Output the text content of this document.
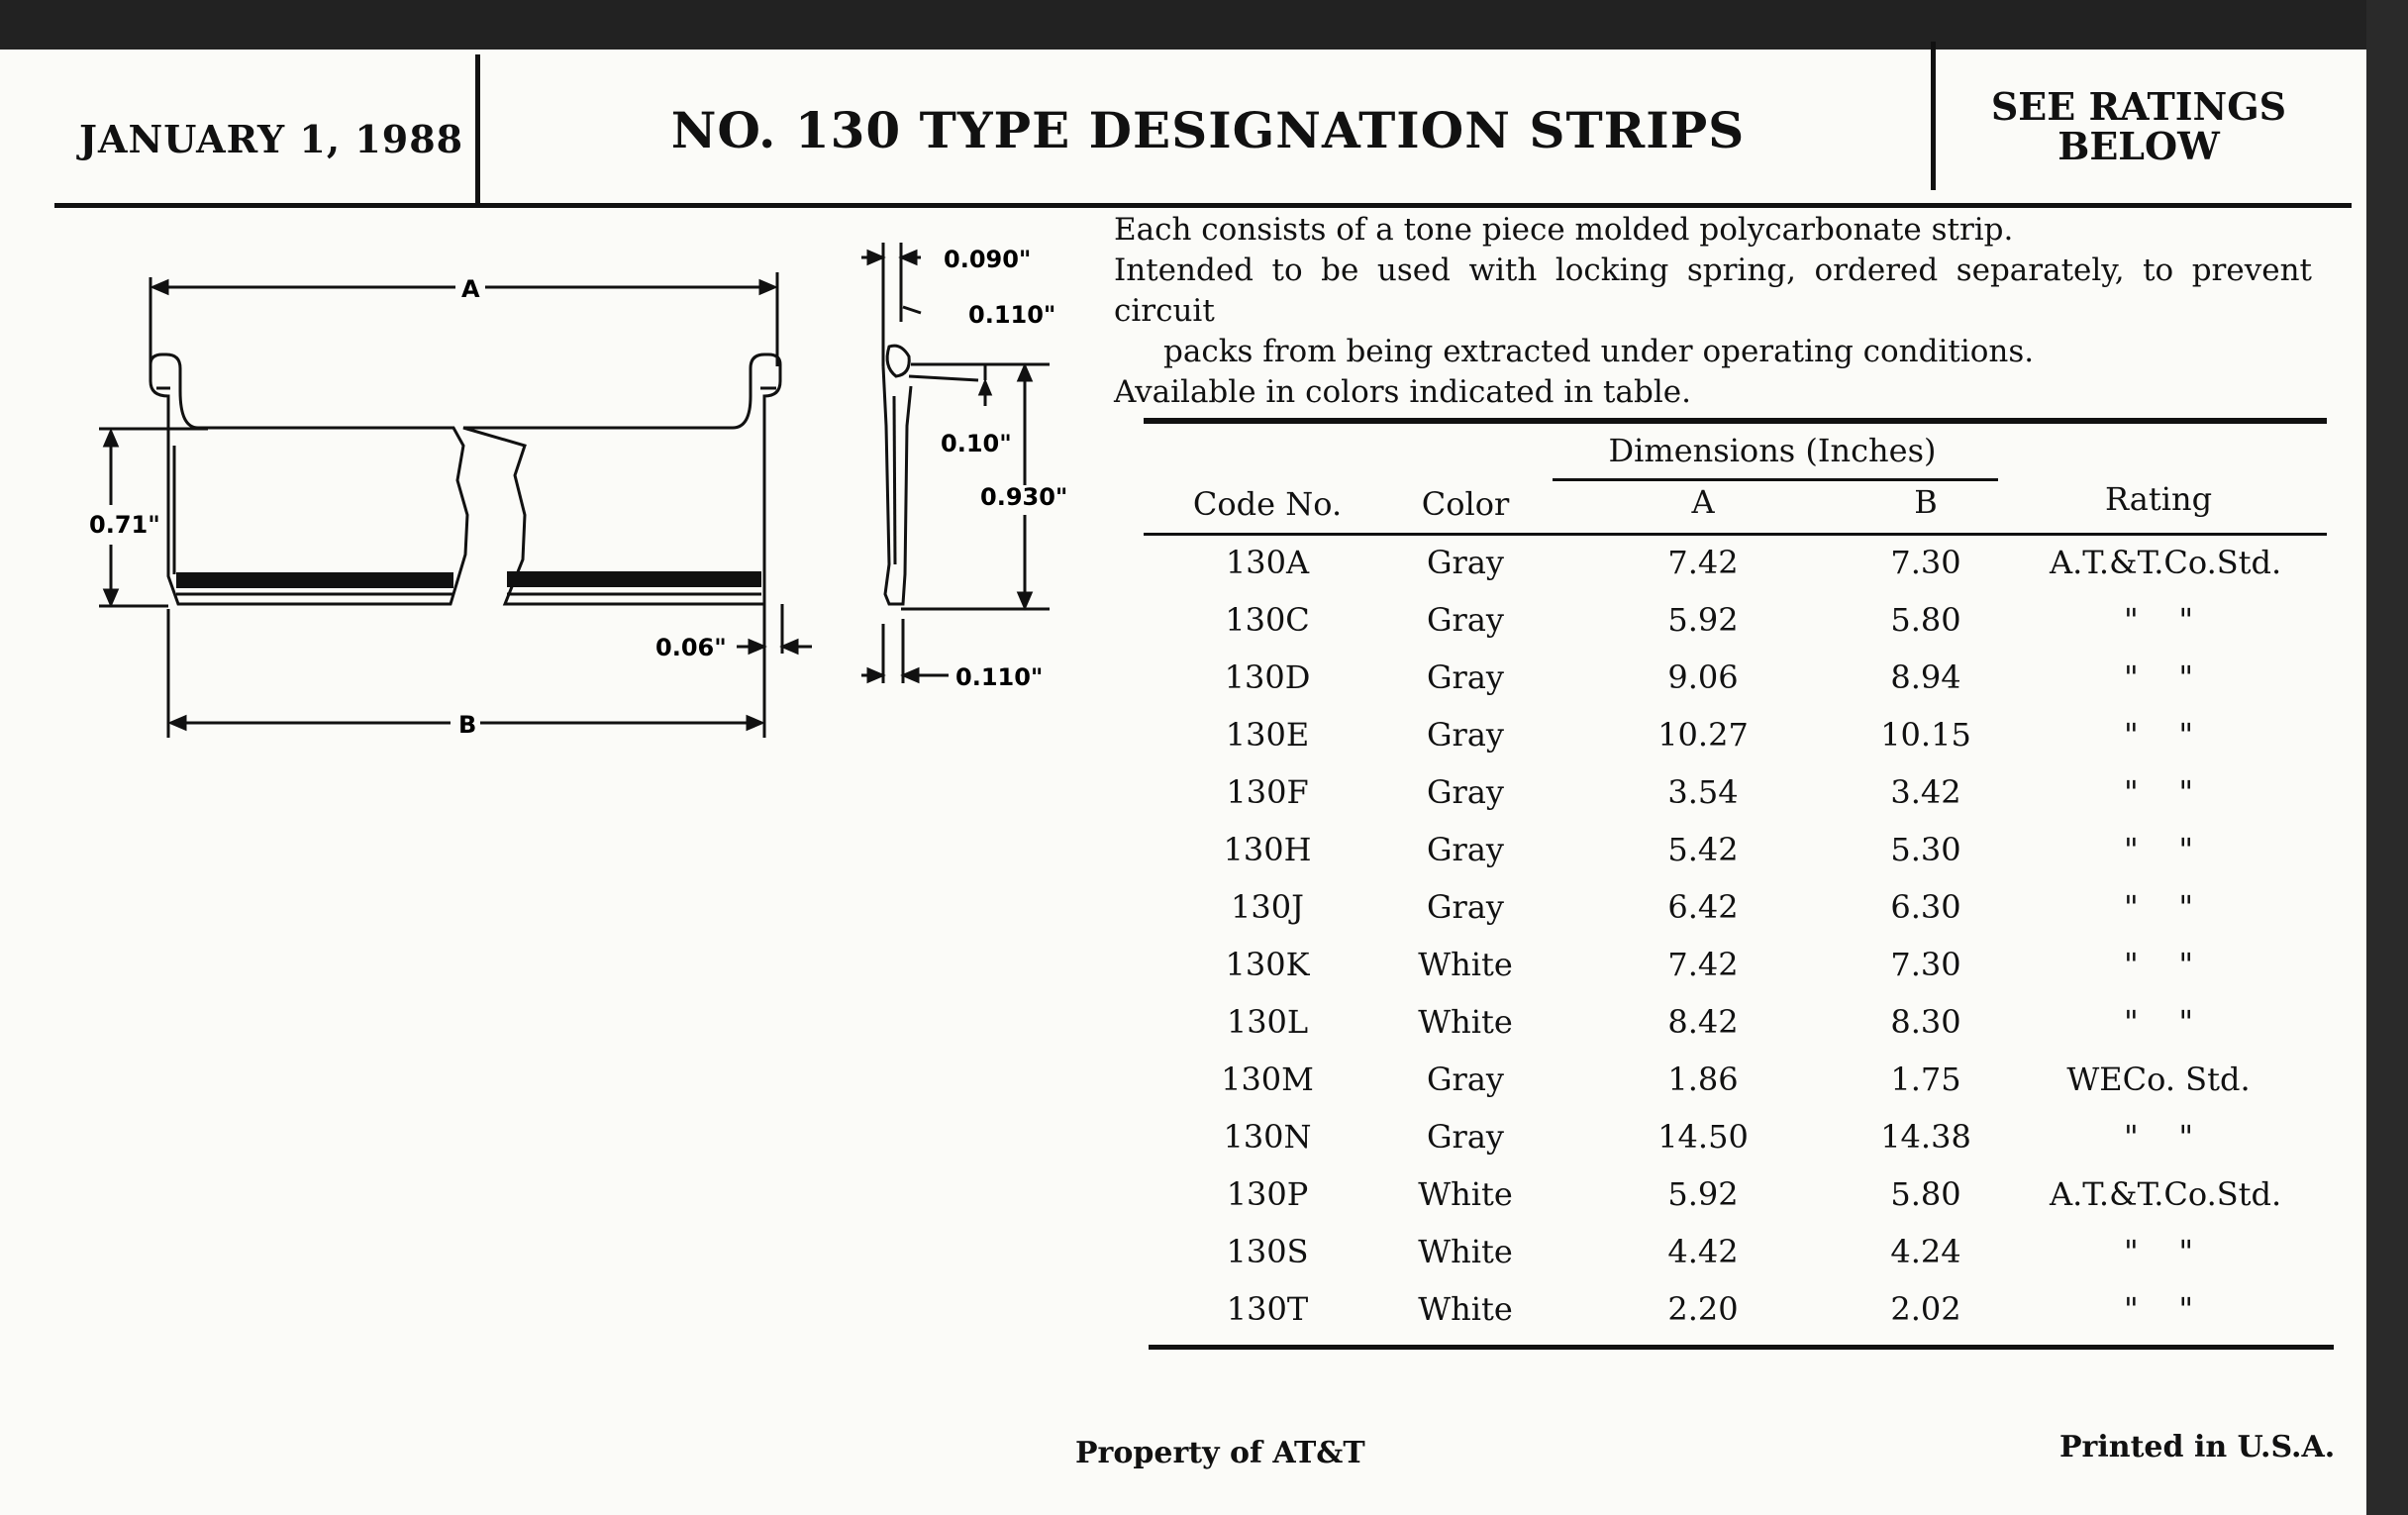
JANUARY 1, 1988	NO. 130 TYPE DESIGNATION STRIPS	SEE RATINGS
BELOW
A
B
0.71"
0.06"
0.090"
0.110"
0.10"
0.930"
0.110"

Each consists of a tone piece molded polycarbonate strip.

Intended to be used with locking spring, ordered separately, to prevent circuit

packs from being extracted under operating conditions.

Available in colors indicated in table.

Dimensions (Inches)
Code No.	Color	A	B	Rating
130A	Gray	7.42	7.30	A.T.&T.Co.Std.
130C	Gray	5.92	5.80	"    "
130D	Gray	9.06	8.94	"    "
130E	Gray	10.27	10.15	"    "
130F	Gray	3.54	3.42	"    "
130H	Gray	5.42	5.30	"    "
130J	Gray	6.42	6.30	"    "
130K	White	7.42	7.30	"    "
130L	White	8.42	8.30	"    "
130M	Gray	1.86	1.75	WECo. Std.
130N	Gray	14.50	14.38	"    "
130P	White	5.92	5.80	A.T.&T.Co.Std.
130S	White	4.42	4.24	"    "
130T	White	2.20	2.02	"    "
Property of AT&T	Printed in U.S.A.
